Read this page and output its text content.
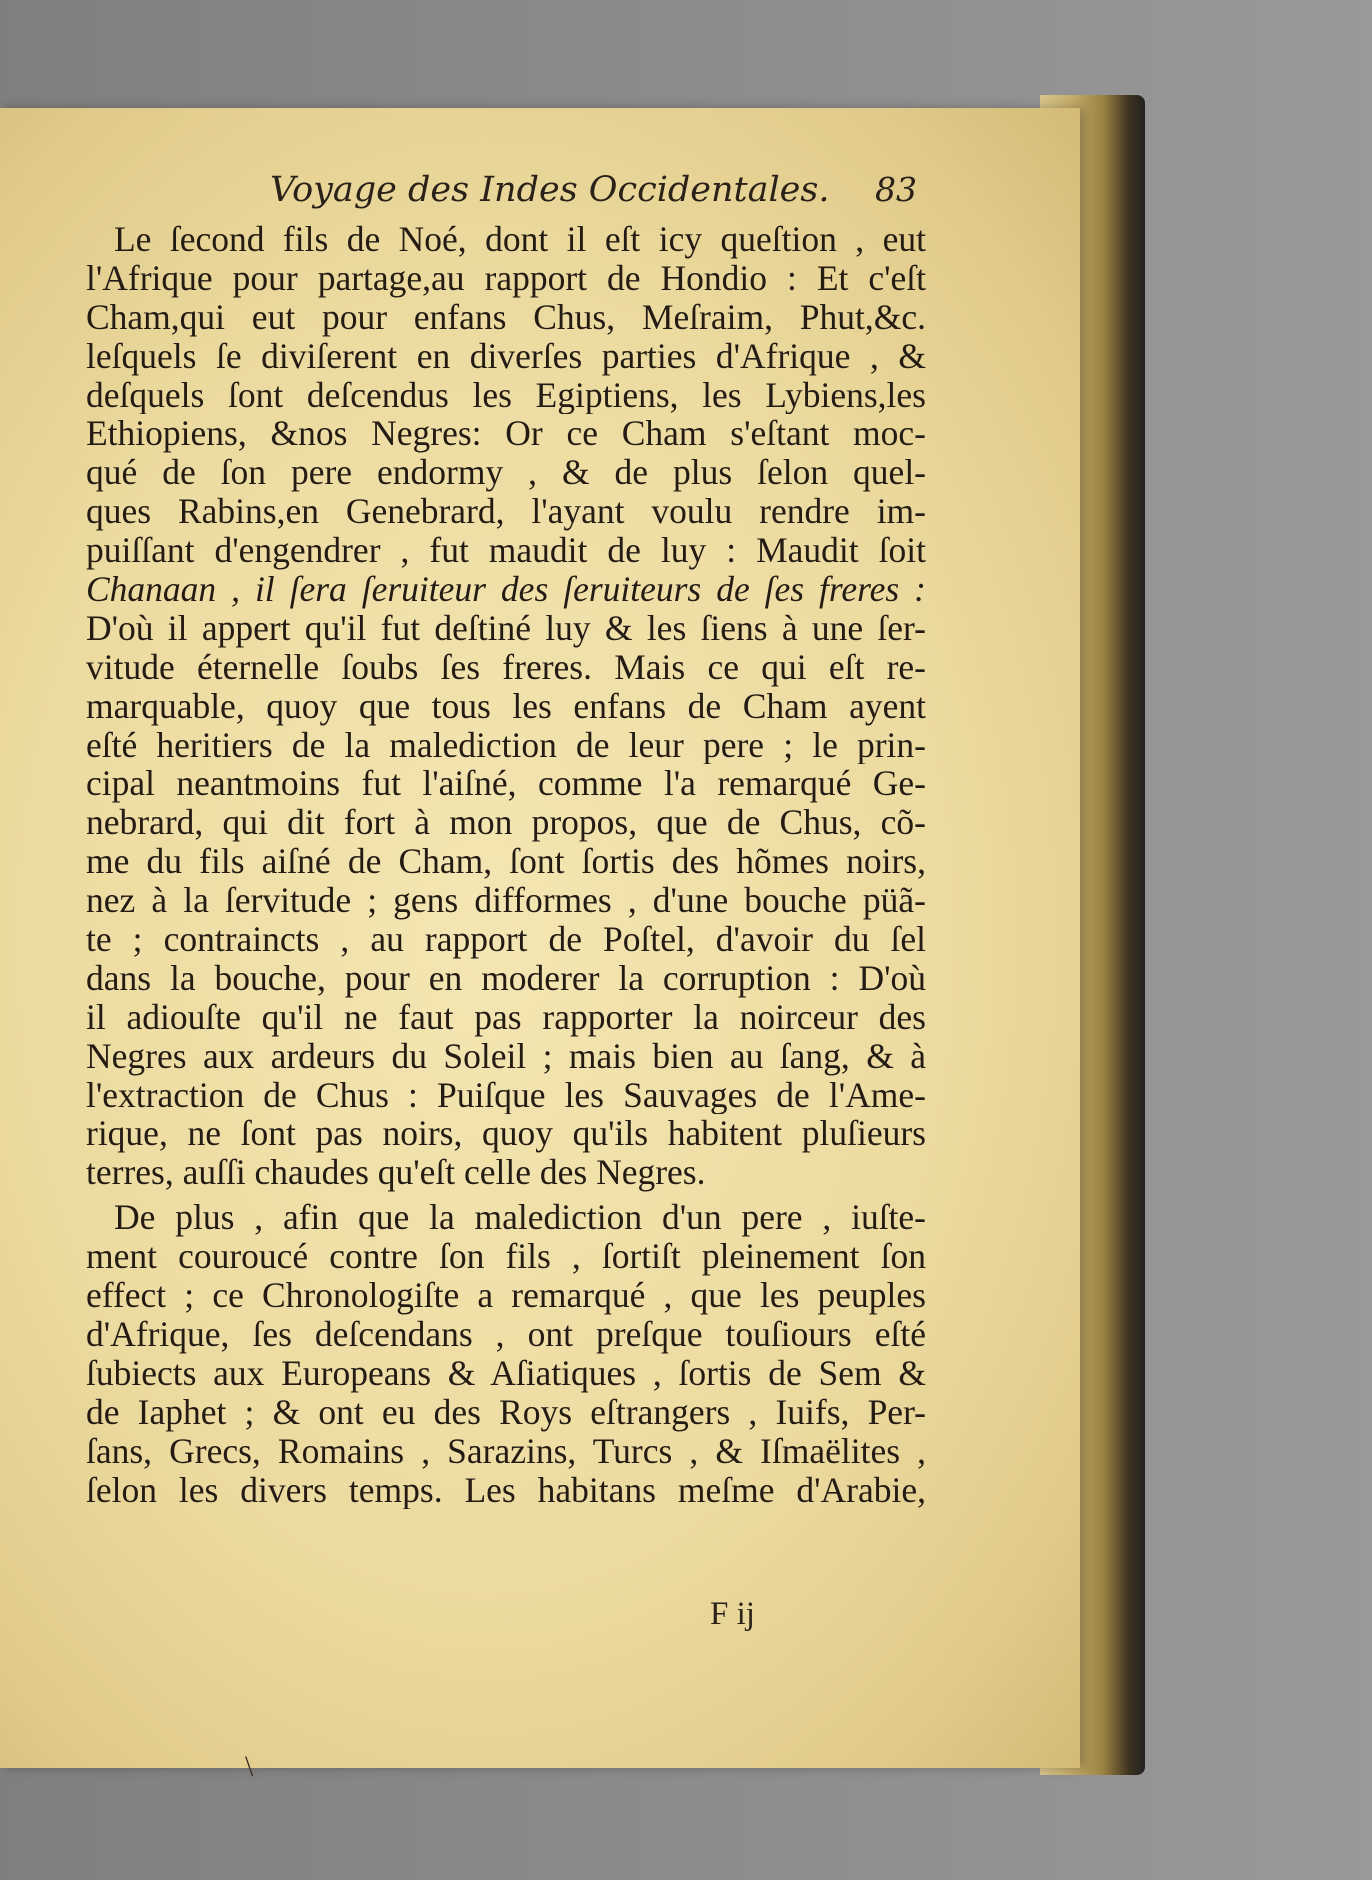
Voyage des Indes Occidentales.	83
Le ſecond fils de Noé, dont il eſt icy queſtion , eut
l'Afrique pour partage,au rapport de Hondio : Et c'eſt
Cham,qui eut pour enfans Chus, Meſraim, Phut,&c.
leſquels ſe diviſerent en diverſes parties d'Afrique , &
deſquels ſont deſcendus les Egiptiens, les Lybiens,les
Ethiopiens, &nos Negres: Or ce Cham s'eſtant moc-
qué de ſon pere endormy , & de plus ſelon quel-
ques Rabins,en Genebrard, l'ayant voulu rendre im-
puiſſant d'engendrer , fut maudit de luy : Maudit ſoit
Chanaan , il ſera ſeruiteur des ſeruiteurs de ſes freres :
D'où il appert qu'il fut deſtiné luy & les ſiens à une ſer-
vitude éternelle ſoubs ſes freres. Mais ce qui eſt re-
marquable, quoy que tous les enfans de Cham ayent
eſté heritiers de la malediction de leur pere ; le prin-
cipal neantmoins fut l'aiſné, comme l'a remarqué Ge-
nebrard, qui dit fort à mon propos, que de Chus, cõ-
me du fils aiſné de Cham, ſont ſortis des hõmes noirs,
nez à la ſervitude ; gens difformes , d'une bouche püã-
te ; contraincts , au rapport de Poſtel, d'avoir du ſel
dans la bouche, pour en moderer la corruption : D'où
il adiouſte qu'il ne faut pas rapporter la noirceur des
Negres aux ardeurs du Soleil ; mais bien au ſang, & à
l'extraction de Chus : Puiſque les Sauvages de l'Ame-
rique, ne ſont pas noirs, quoy qu'ils habitent pluſieurs
terres, auſſi chaudes qu'eſt celle des Negres.
De plus , afin que la malediction d'un pere , iuſte-
ment couroucé contre ſon fils , ſortiſt pleinement ſon
effect ; ce Chronologiſte a remarqué , que les peuples
d'Afrique, ſes deſcendans , ont preſque touſiours eſté
ſubiects aux Europeans & Aſiatiques , ſortis de Sem &
de Iaphet ; & ont eu des Roys eſtrangers , Iuifs, Per-
ſans, Grecs, Romains , Sarazins, Turcs , & Iſmaëlites ,
ſelon les divers temps. Les habitans meſme d'Arabie,
F ij
\
